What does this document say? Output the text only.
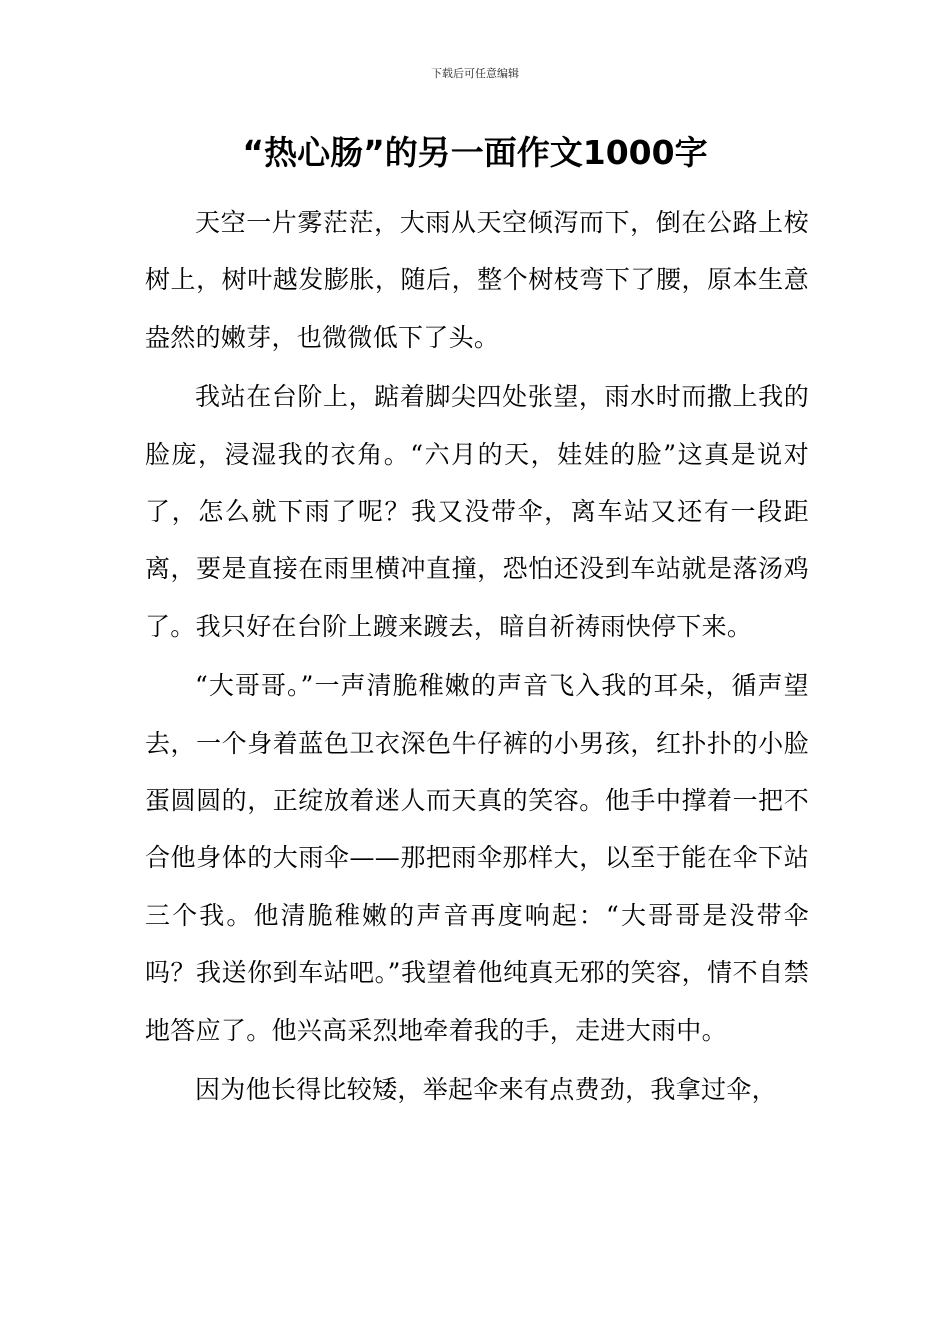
下载后可任意编辑
“热心肠”的另一面作文1000字

天空一片雾茫茫，大雨从天空倾泻而下，倒在公路上桉树上，树叶越发膨胀，随后，整个树枝弯下了腰，原本生意盎然的嫩芽，也微微低下了头。

我站在台阶上，踮着脚尖四处张望，雨水时而撒上我的脸庞，浸湿我的衣角。“六月的天，娃娃的脸”这真是说对了，怎么就下雨了呢？我又没带伞，离车站又还有一段距离，要是直接在雨里横冲直撞，恐怕还没到车站就是落汤鸡了。我只好在台阶上踱来踱去，暗自祈祷雨快停下来。

“大哥哥。”一声清脆稚嫩的声音飞入我的耳朵，循声望去，一个身着蓝色卫衣深色牛仔裤的小男孩，红扑扑的小脸蛋圆圆的，正绽放着迷人而天真的笑容。他手中撑着一把不合他身体的大雨伞——那把雨伞那样大，以至于能在伞下站三个我。他清脆稚嫩的声音再度响起：“大哥哥是没带伞吗？我送你到车站吧。”我望着他纯真无邪的笑容，情不自禁地答应了。他兴高采烈地牵着我的手，走进大雨中。

因为他长得比较矮，举起伞来有点费劲，我拿过伞，
